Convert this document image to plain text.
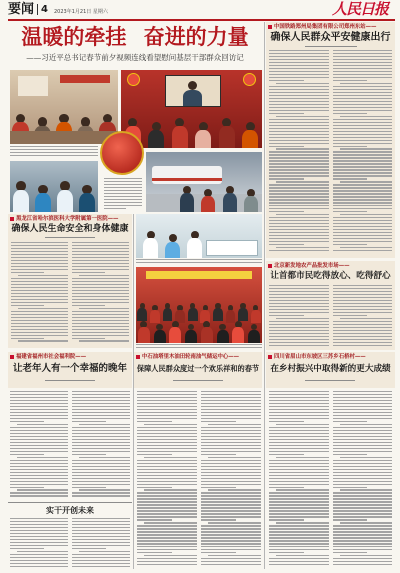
要闻 4 2023年1月21日 星期六	人民日报
温暖的牵挂 奋进的力量
——习近平总书记春节前夕视频连线看望慰问基层干部群众回访记
中国铁路郑州局集团有限公司郑州东站——
确保人民群众平安健康出行
黑龙江省哈尔滨医科大学附属第一医院——
确保人民生命安全和身体健康
北京新发地农产品批发市场——
让首都市民吃得放心、吃得舒心
福建省福州市社会福利院——
让老年人有一个幸福的晚年
中石油塔里木油田轮南油气储运中心——
保障人民群众度过一个欢乐祥和的春节
四川省眉山市东坡区三苏乡石桥村——
在乡村振兴中取得新的更大成绩
实干开创未来
